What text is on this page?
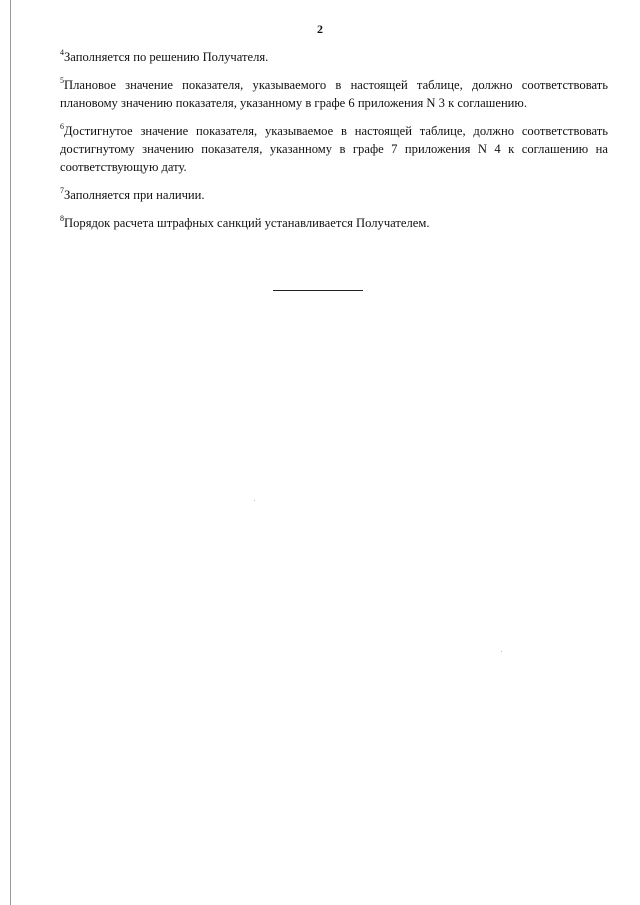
2

$^4$Заполняется по решению Получателя.

$^5$Плановое значение показателя, указываемого в настоящей таблице, должно соответствовать плановому значению показателя, указанному в графе 6 приложения N 3 к соглашению.

$^6$Достигнутое значение показателя, указываемое в настоящей таблице, должно соответствовать достигнутому значению показателя, указанному в графе 7 приложения N 4 к соглашению на соответствующую дату.

$^7$Заполняется при наличии.

$^8$Порядок расчета штрафных санкций устанавливается Получателем.
